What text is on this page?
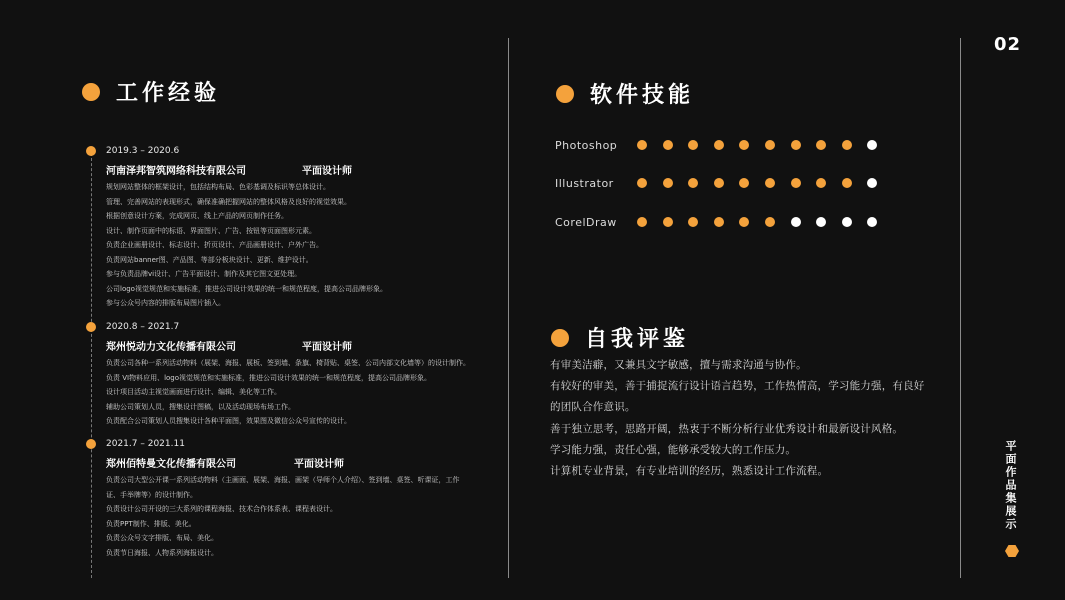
02
工作经验
2019.3 – 2020.6
河南泽邦智筑网络科技有限公司	平面设计师
规划网站整体的框架设计，包括结构布局、色彩基调及标识等总体设计。
管理、完善网站的表现形式，确保准确把握网站的整体风格及良好的视觉效果。
根据创意设计方案，完成网页、线上产品的网页制作任务。
设计、制作页面中的标语、界面图片、广告、按钮等页面图形元素。
负责企业画册设计、标志设计、折页设计、产品画册设计、户外广告。
负责网站banner图、产品图、等部分板块设计、更新、维护设计。
参与负责品牌vi设计、广告平面设计、制作及其它图文更处理。
公司logo视觉规范和实施标准，推进公司设计效果的统一和规范程度，提高公司品牌形象。
参与公众号内容的排版布局图片插入。
2020.8 – 2021.7
郑州悦动力文化传播有限公司	平面设计师
负责公司各种一系列活动物料（展架、海报、展板、签到墙、条旗、椅背贴、桌签、公司内部文化墙等）的设计制作。
负责 VI物料应用、logo视觉规范和实施标准，推进公司设计效果的统一和规范程度，提高公司品牌形象。
设计项目活动主视觉画面进行设计、编辑、美化等工作。
辅助公司策划人员，搜集设计图稿，以及活动现场布场工作。
负责配合公司策划人员搜集设计各种平面图，效果图及微信公众号宣传的设计。
2021.7 – 2021.11
郑州佰特曼文化传播有限公司	平面设计师
负责公司大型公开课一系列活动物料（主画面、展架、海报、画架（导师个人介绍）、签到墙、桌签、听课证，工作
证、手举牌等）的设计制作。
负责设计公司开设的三大系列的课程海报、技术合作体系表、课程表设计。
负责PPT制作、排版、美化。
负责公众号文字排版、布局、美化。
负责节日海报、人物系列海报设计。
软件技能
Photoshop
Illustrator
CorelDraw
自我评鉴
有审美洁癖，又兼具文字敏感，擅与需求沟通与协作。
有较好的审美，善于捕捉流行设计语言趋势，工作热情高，学习能力强，有良好
的团队合作意识。
善于独立思考，思路开阔，热衷于不断分析行业优秀设计和最新设计风格。
学习能力强，责任心强，能够承受较大的工作压力。
计算机专业背景，有专业培训的经历，熟悉设计工作流程。	平面作品集展示
